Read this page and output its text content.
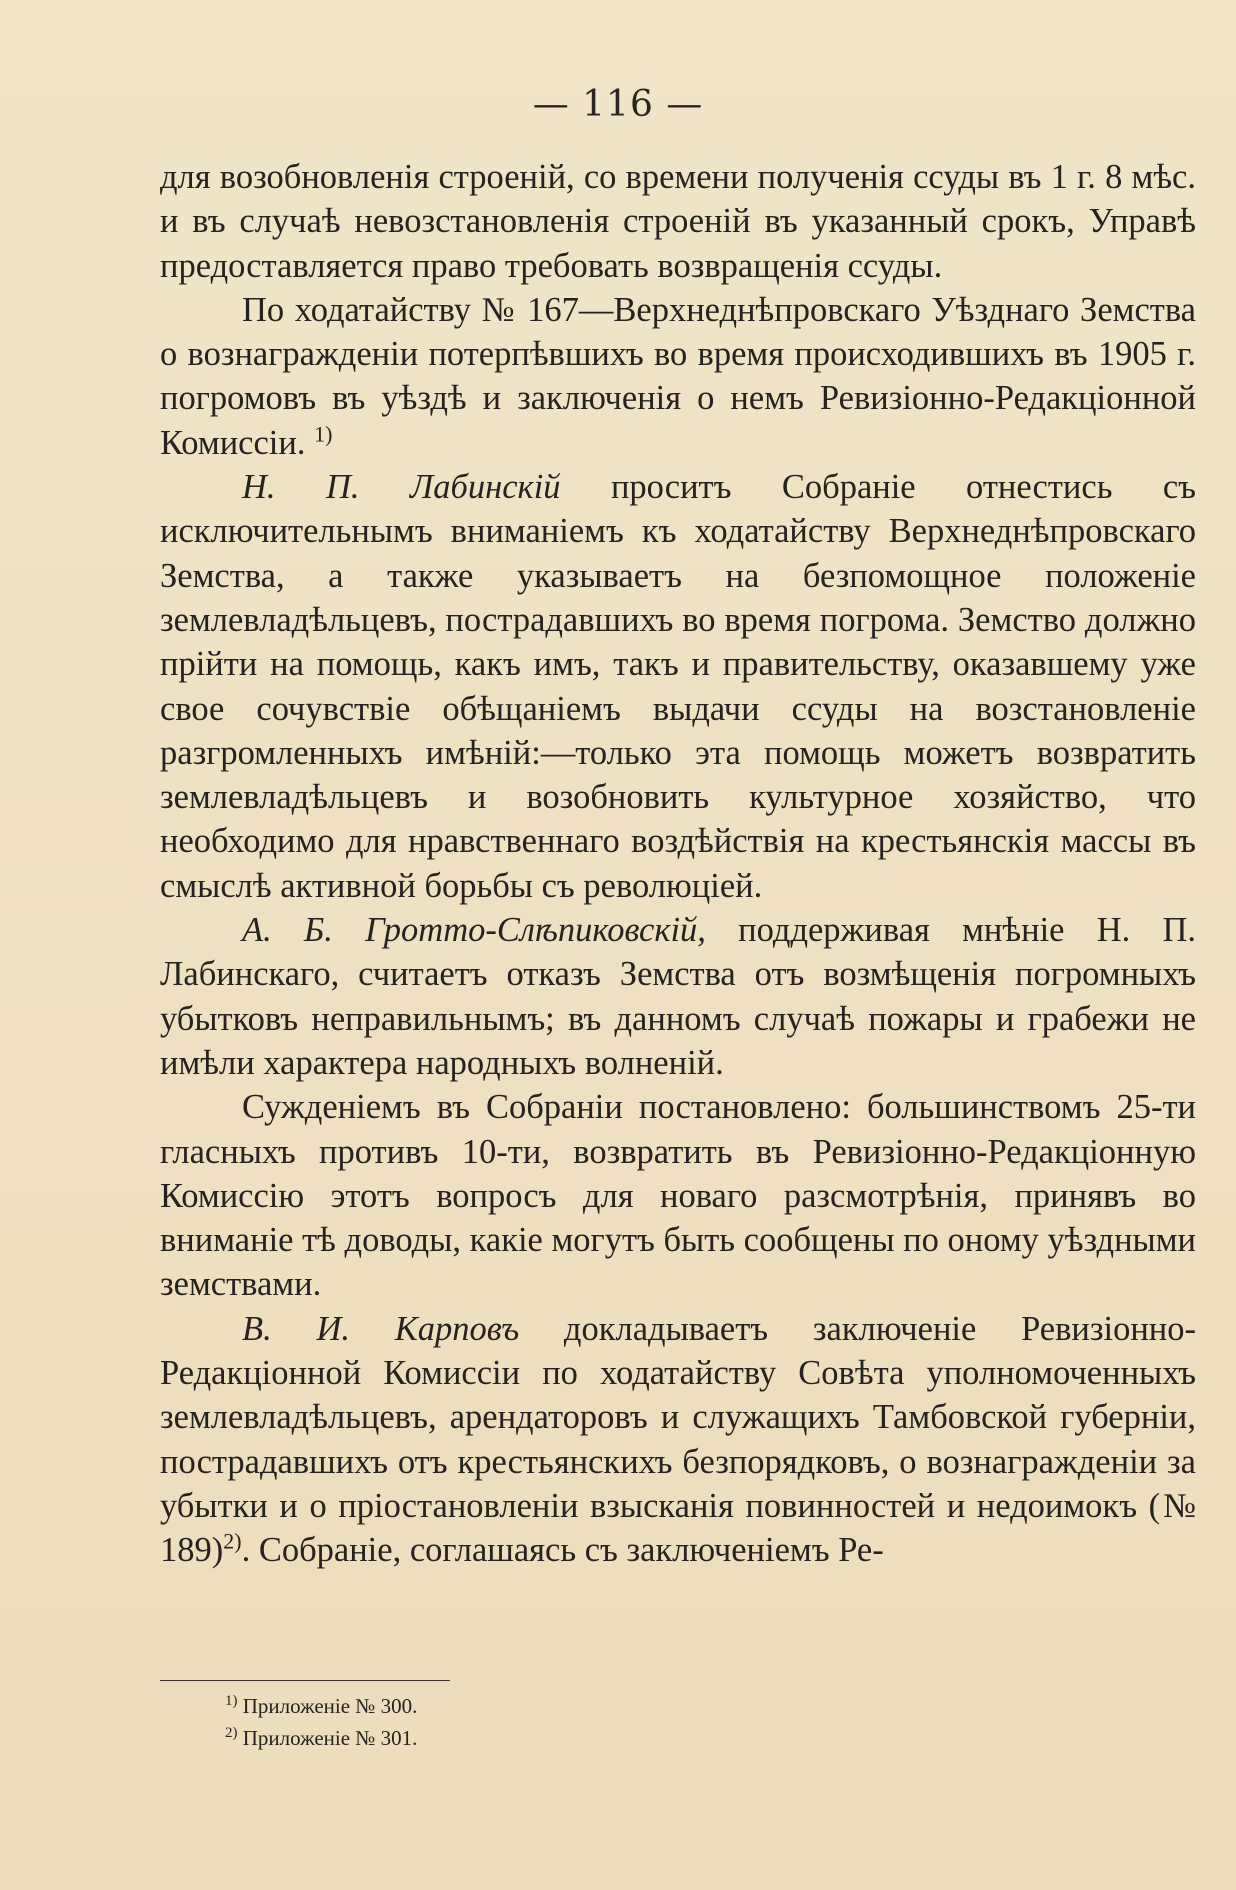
— 116 —

для возобновленія строеній, со времени полученія ссуды въ 1 г. 8 мѣс. и въ случаѣ невозстановленія строеній въ указанный срокъ, Управѣ предоставляется право требовать возвращенія ссуды.

По ходатайству № 167—Верхнеднѣпровскаго Уѣзднаго Земства о вознагражденіи потерпѣвшихъ во время происходившихъ въ 1905 г. погромовъ въ уѣздѣ и заключенія о немъ Ревизіонно-Редакціонной Комиссіи. $^{1)}$

Н. П. Лабинскій проситъ Собраніе отнестись съ исключительнымъ вниманіемъ къ ходатайству Верхнеднѣпровскаго Земства, а также указываетъ на безпомощное положеніе землевладѣльцевъ, пострадавшихъ во время погрома. Земство должно прійти на помощь, какъ имъ, такъ и правительству, оказавшему уже свое сочувствіе обѣщаніемъ выдачи ссуды на возстановленіе разгромленныхъ имѣній:—только эта помощь можетъ возвратить землевладѣльцевъ и возобновить культурное хозяйство, что необходимо для нравственнаго воздѣйствія на крестьянскія массы въ смыслѣ активной борьбы съ революціей.

А. Б. Гротто-Слѣпиковскій, поддерживая мнѣніе Н. П. Лабинскаго, считаетъ отказъ Земства отъ возмѣщенія погромныхъ убытковъ неправильнымъ; въ данномъ случаѣ пожары и грабежи не имѣли характера народныхъ волненій.

Сужденіемъ въ Собраніи постановлено: большинствомъ 25-ти гласныхъ противъ 10-ти, возвратить въ Ревизіонно-Редакціонную Комиссію этотъ вопросъ для новаго разсмотрѣнія, принявъ во вниманіе тѣ доводы, какіе могутъ быть сообщены по оному уѣздными земствами.

В. И. Карповъ докладываетъ заключеніе Ревизіонно-Редакціонной Комиссіи по ходатайству Совѣта уполномоченныхъ землевладѣльцевъ, арендаторовъ и служащихъ Тамбовской губерніи, пострадавшихъ отъ крестьянскихъ безпорядковъ, о вознагражденіи за убытки и о пріостановленіи взысканія повинностей и недоимокъ (№ 189)$^{2)}$. Собраніе, соглашаясь съ заключеніемъ Ре-

$^{1)}$ Приложеніе № 300.
$^{2)}$ Приложеніе № 301.
